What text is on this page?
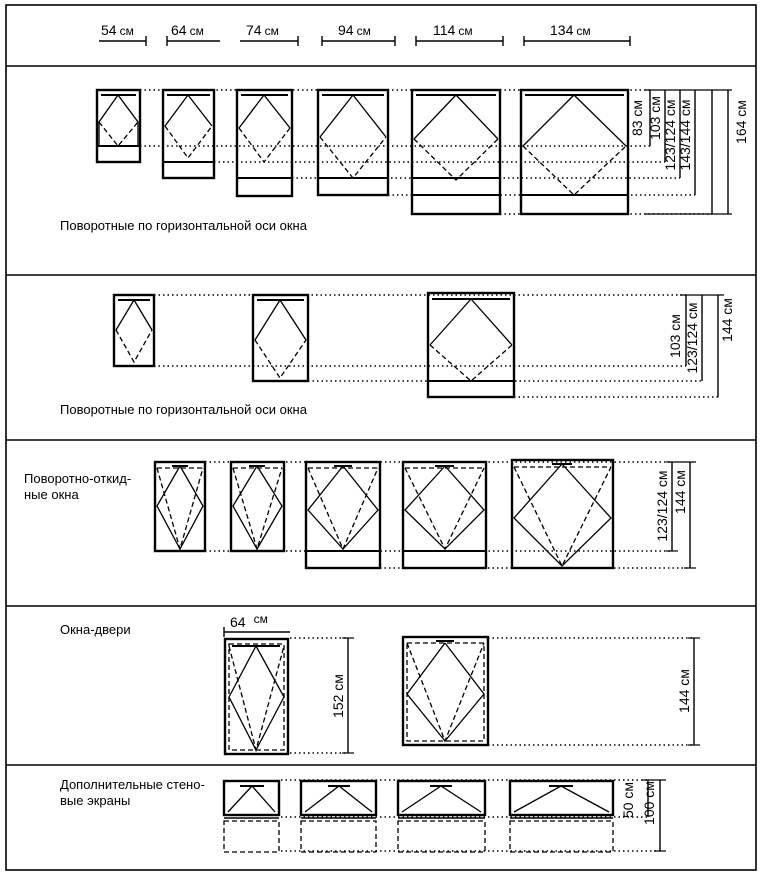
54 см	64 см	74 см	94 см	114 см	134 см
83 см 103 см 123/124 см 143/144 см	164 см
Поворотные по горизонтальной оси окна
103 см 123/124 см 144 см
Поворотные по горизонтальной оси окна
Поворотно-откид-
ные окна	123/124 см 144 см
Окна-двери	64 см
152 см	144 см
Дополнительные стено-
вые экраны	50 см 100 см
